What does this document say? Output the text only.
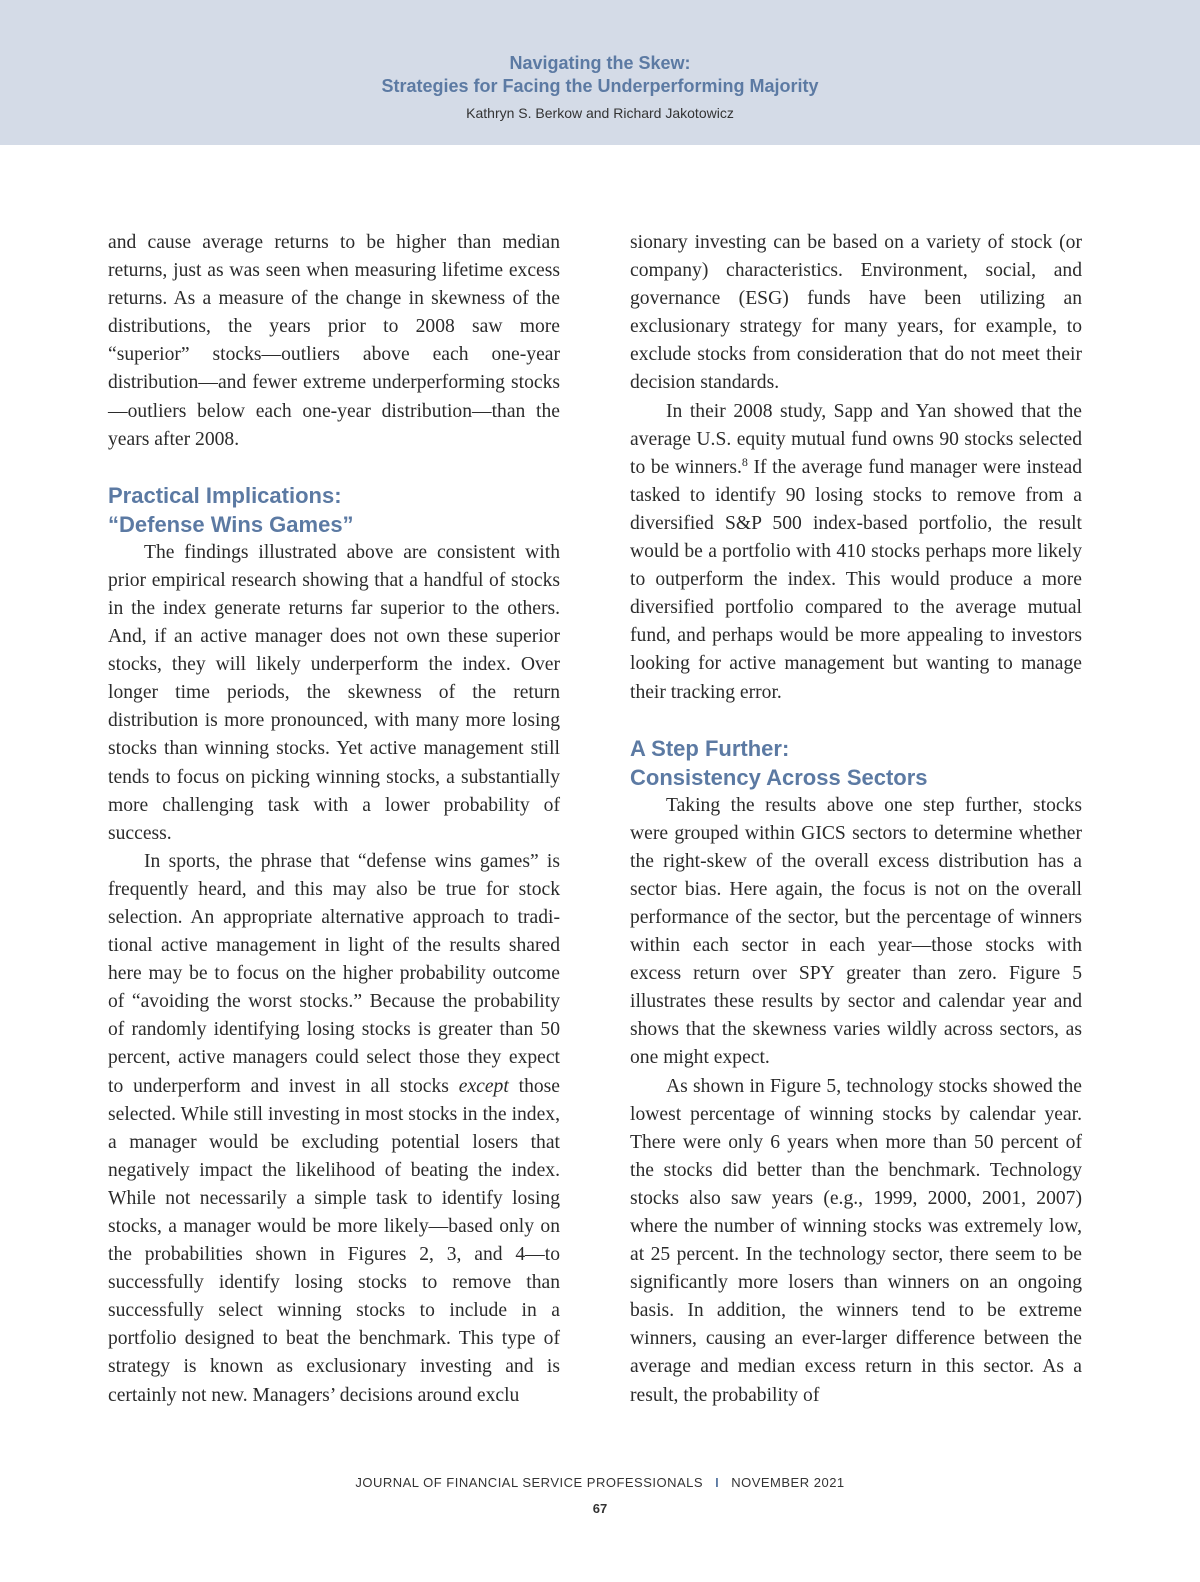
Navigating the Skew:
Strategies for Facing the Underperforming Majority
Kathryn S. Berkow and Richard Jakotowicz

and cause average returns to be higher than median returns, just as was seen when measuring lifetime excess returns. As a measure of the change in skewness of the distributions, the years prior to 2008 saw more “superior” stocks—outliers above each one-year distribution—and fewer extreme underperforming stocks—outliers below each one-year distribution—than the years after 2008.

Practical Implications:
“Defense Wins Games”

The findings illustrated above are consistent with prior empirical research showing that a handful of stocks in the index generate returns far superior to the others. And, if an active manager does not own these superior stocks, they will likely underperform the index. Over longer time periods, the skewness of the return distribution is more pronounced, with many more losing stocks than winning stocks. Yet active management still tends to focus on picking winning stocks, a substantially more challenging task with a lower probability of success.

In sports, the phrase that “defense wins games” is frequently heard, and this may also be true for stock selection. An appropriate alternative approach to traditional active management in light of the results shared here may be to focus on the higher probability outcome of “avoiding the worst stocks.” Because the probability of randomly identifying losing stocks is greater than 50 percent, active managers could select those they expect to underperform and invest in all stocks except those selected. While still investing in most stocks in the index, a manager would be excluding potential losers that negatively impact the likelihood of beating the index. While not necessarily a simple task to identify losing stocks, a manager would be more likely—based only on the probabilities shown in Figures 2, 3, and 4—to successfully identify losing stocks to remove than successfully select winning stocks to include in a portfolio designed to beat the benchmark. This type of strategy is known as exclusionary investing and is certainly not new. Managers’ decisions around exclu

sionary investing can be based on a variety of stock (or company) characteristics. Environment, social, and governance (ESG) funds have been utilizing an exclusionary strategy for many years, for example, to exclude stocks from consideration that do not meet their decision standards.

In their 2008 study, Sapp and Yan showed that the average U.S. equity mutual fund owns 90 stocks selected to be winners.$^8$ If the average fund manager were instead tasked to identify 90 losing stocks to remove from a diversified S&P 500 index-based portfolio, the result would be a portfolio with 410 stocks perhaps more likely to outperform the index. This would produce a more diversified portfolio compared to the average mutual fund, and perhaps would be more appealing to investors looking for active management but wanting to manage their tracking error.

A Step Further:
Consistency Across Sectors

Taking the results above one step further, stocks were grouped within GICS sectors to determine whether the right-skew of the overall excess distribution has a sector bias. Here again, the focus is not on the overall performance of the sector, but the percentage of winners within each sector in each year—those stocks with excess return over SPY greater than zero. Figure 5 illustrates these results by sector and calendar year and shows that the skewness varies wildly across sectors, as one might expect.

As shown in Figure 5, technology stocks showed the lowest percentage of winning stocks by calendar year. There were only 6 years when more than 50 percent of the stocks did better than the benchmark. Technology stocks also saw years (e.g., 1999, 2000, 2001, 2007) where the number of winning stocks was extremely low, at 25 percent. In the technology sector, there seem to be significantly more losers than winners on an ongoing basis. In addition, the winners tend to be extreme winners, causing an ever-larger difference between the average and median excess return in this sector. As a result, the probability of

JOURNAL OF FINANCIAL SERVICE PROFESSIONALS I NOVEMBER 2021
67
